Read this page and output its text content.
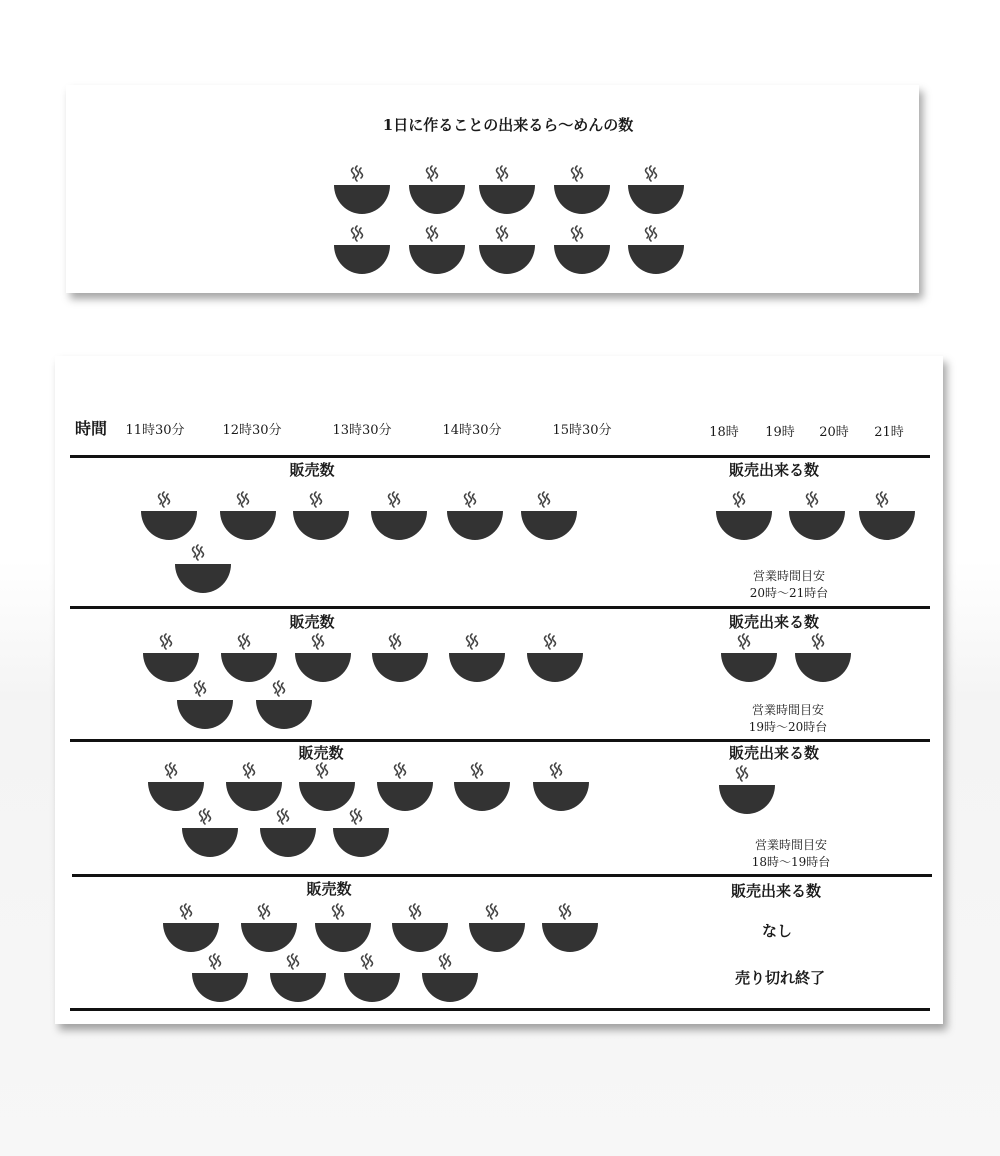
1日に作ることの出来るら〜めんの数
時間 11時30分	12時30分	13時30分	14時30分	15時30分	18時 19時 20時 21時
販売数	販売出来る数
営業時間目安
20時〜21時台
販売数	販売出来る数
営業時間目安
19時〜20時台
販売数	販売出来る数
営業時間目安
18時〜19時台
販売数	販売出来る数
なし
売り切れ終了
